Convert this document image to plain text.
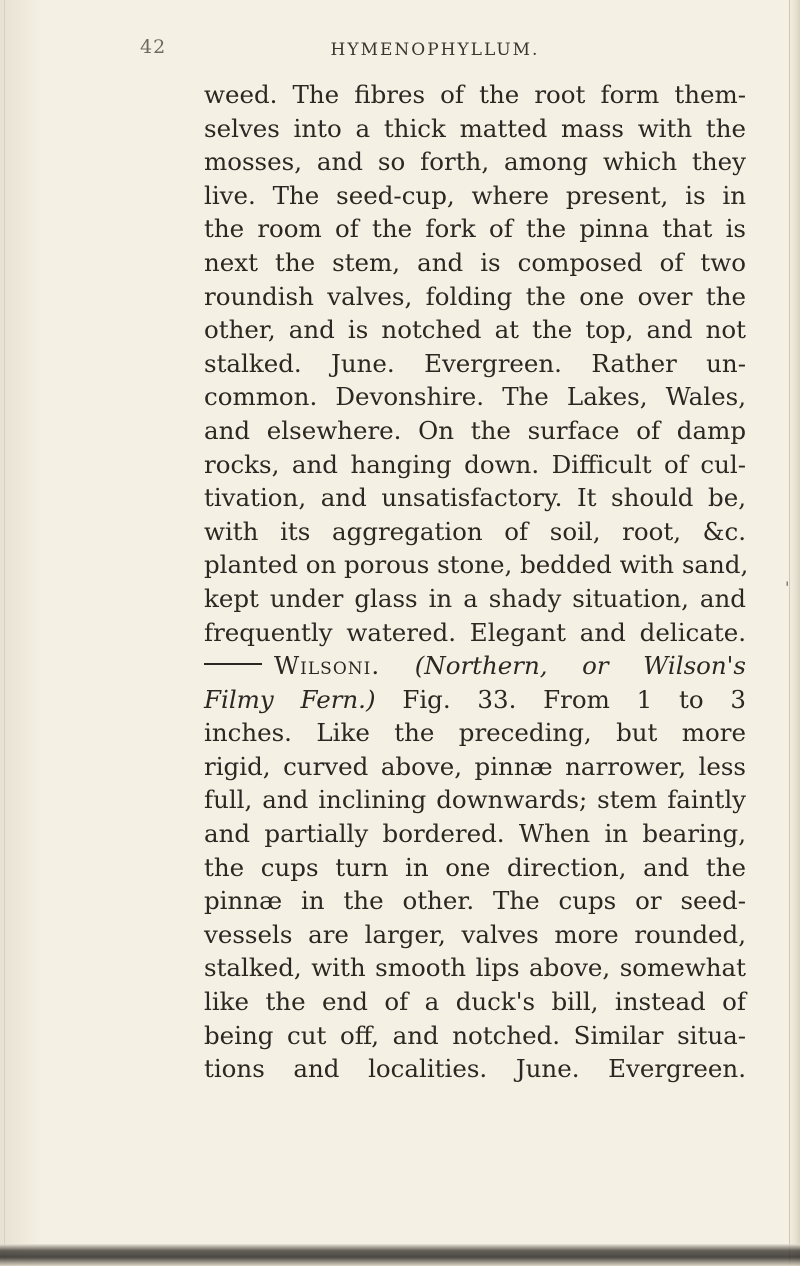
42	HYMENOPHYLLUM.
weed. The fibres of the root form them-
selves into a thick matted mass with the
mosses, and so forth, among which they
live. The seed-cup, where present, is in
the room of the fork of the pinna that is
next the stem, and is composed of two
roundish valves, folding the one over the
other, and is notched at the top, and not
stalked. June. Evergreen. Rather un-
common. Devonshire. The Lakes, Wales,
and elsewhere. On the surface of damp
rocks, and hanging down. Difficult of cul-
tivation, and unsatisfactory. It should be,
with its aggregation of soil, root, &c.
planted on porous stone, bedded with sand,
kept under glass in a shady situation, and
frequently watered. Elegant and delicate.
Wilsoni. (Northern, or Wilson's
Filmy Fern.) Fig. 33. From 1 to 3
inches. Like the preceding, but more
rigid, curved above, pinnæ narrower, less
full, and inclining downwards; stem faintly
and partially bordered. When in bearing,
the cups turn in one direction, and the
pinnæ in the other. The cups or seed-
vessels are larger, valves more rounded,
stalked, with smooth lips above, somewhat
like the end of a duck's bill, instead of
being cut off, and notched. Similar situa-
tions and localities. June. Evergreen.
'
